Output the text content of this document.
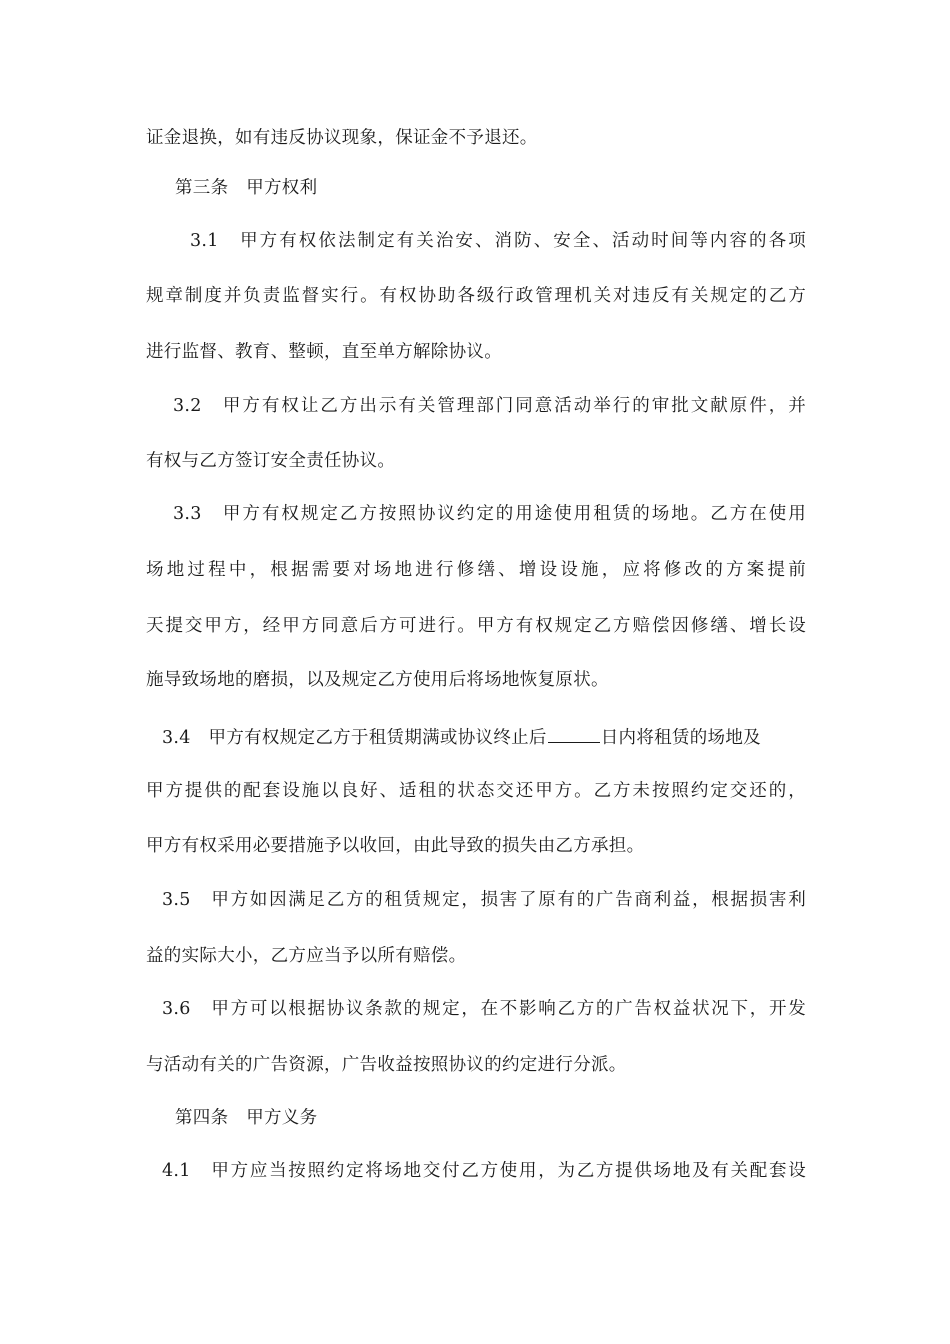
证金退换，如有违反协议现象，保证金不予退还。
第三条　甲方权利
3.1　甲方有权依法制定有关治安、消防、安全、活动时间等内容的各项
规章制度并负责监督实行。有权协助各级行政管理机关对违反有关规定的乙方
进行监督、教育、整顿，直至单方解除协议。
3.2　甲方有权让乙方出示有关管理部门同意活动举行的审批文献原件，并
有权与乙方签订安全责任协议。
3.3　甲方有权规定乙方按照协议约定的用途使用租赁的场地。乙方在使用
场地过程中，根据需要对场地进行修缮、增设设施，应将修改的方案提前
天提交甲方，经甲方同意后方可进行。甲方有权规定乙方赔偿因修缮、增长设
施导致场地的磨损，以及规定乙方使用后将场地恢复原状。
3.4　甲方有权规定乙方于租赁期满或协议终止后	日内将租赁的场地及
甲方提供的配套设施以良好、适租的状态交还甲方。乙方未按照约定交还的，
甲方有权采用必要措施予以收回，由此导致的损失由乙方承担。
3.5　甲方如因满足乙方的租赁规定，损害了原有的广告商利益，根据损害利
益的实际大小，乙方应当予以所有赔偿。
3.6　甲方可以根据协议条款的规定，在不影响乙方的广告权益状况下，开发
与活动有关的广告资源，广告收益按照协议的约定进行分派。
第四条　甲方义务
4.1　甲方应当按照约定将场地交付乙方使用，为乙方提供场地及有关配套设
